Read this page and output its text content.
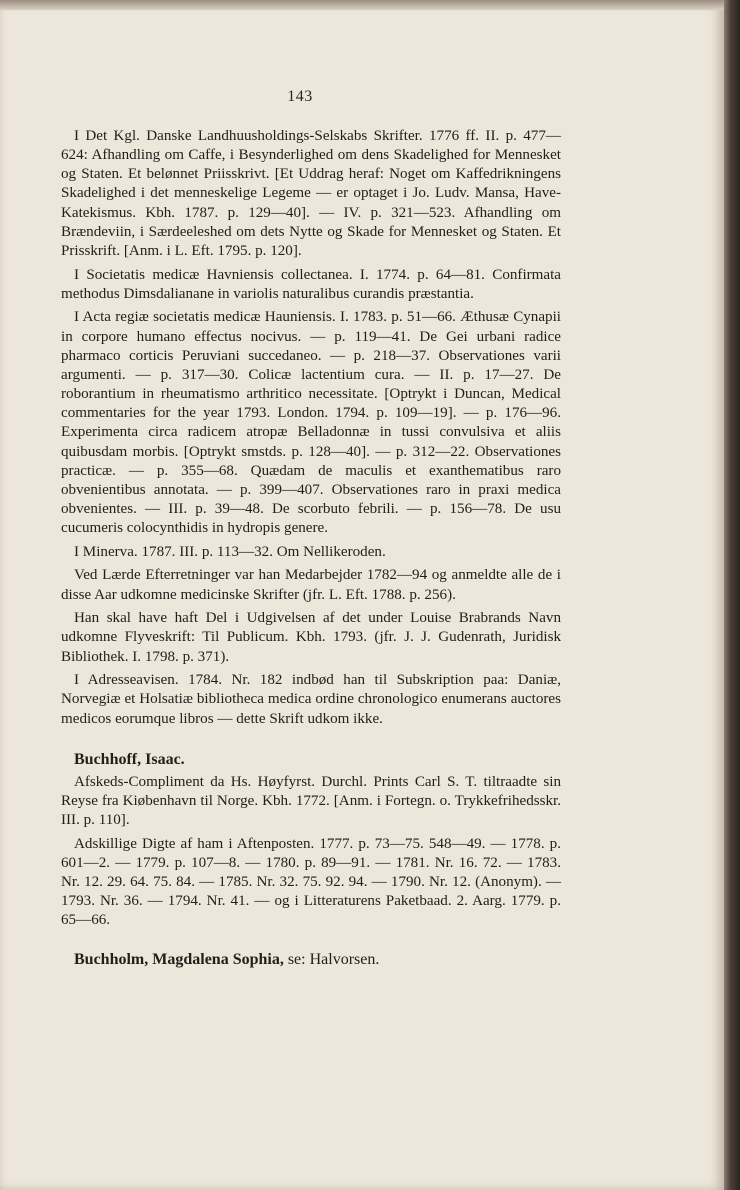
143

I Det Kgl. Danske Landhuusholdings-Selskabs Skrifter. 1776 ff. II. p. 477—624: Afhandling om Caffe, i Besynderlighed om dens Skadelighed for Mennesket og Staten. Et belønnet Priisskrivt. [Et Uddrag heraf: Noget om Kaffedrikningens Skadelighed i det menneskelige Legeme — er optaget i Jo. Ludv. Mansa, Have-Katekismus. Kbh. 1787. p. 129—40]. — IV. p. 321—523. Afhandling om Brændeviin, i Særdeeleshed om dets Nytte og Skade for Mennesket og Staten. Et Prisskrift. [Anm. i L. Eft. 1795. p. 120].

I Societatis medicæ Havniensis collectanea. I. 1774. p. 64—81. Confirmata methodus Dimsdalianane in variolis naturalibus curandis præstantia.

I Acta regiæ societatis medicæ Hauniensis. I. 1783. p. 51—66. Æthusæ Cynapii in corpore humano effectus nocivus. — p. 119—41. De Gei urbani radice pharmaco corticis Peruviani succedaneo. — p. 218—37. Observationes varii argumenti. — p. 317—30. Colicæ lactentium cura. — II. p. 17—27. De roborantium in rheumatismo arthritico necessitate. [Optrykt i Duncan, Medical commentaries for the year 1793. London. 1794. p. 109—19]. — p. 176—96. Experimenta circa radicem atropæ Belladonnæ in tussi convulsiva et aliis quibusdam morbis. [Optrykt smstds. p. 128—40]. — p. 312—22. Observationes practicæ. — p. 355—68. Quædam de maculis et exanthematibus raro obvenientibus annotata. — p. 399—407. Observationes raro in praxi medica obvenientes. — III. p. 39—48. De scorbuto febrili. — p. 156—78. De usu cucumeris colocynthidis in hydropis genere.

I Minerva. 1787. III. p. 113—32. Om Nellikeroden.

Ved Lærde Efterretninger var han Medarbejder 1782—94 og anmeldte alle de i disse Aar udkomne medicinske Skrifter (jfr. L. Eft. 1788. p. 256).

Han skal have haft Del i Udgivelsen af det under Louise Brabrands Navn udkomne Flyveskrift: Til Publicum. Kbh. 1793. (jfr. J. J. Gudenrath, Juridisk Bibliothek. I. 1798. p. 371).

I Adresseavisen. 1784. Nr. 182 indbød han til Subskription paa: Daniæ, Norvegiæ et Holsatiæ bibliotheca medica ordine chronologico enumerans auctores medicos eorumque libros — dette Skrift udkom ikke.

Buchhoff, Isaac.

Afskeds-Compliment da Hs. Høyfyrst. Durchl. Prints Carl S. T. tiltraadte sin Reyse fra Kiøbenhavn til Norge. Kbh. 1772. [Anm. i Fortegn. o. Trykkefrihedsskr. III. p. 110].

Adskillige Digte af ham i Aftenposten. 1777. p. 73—75. 548—49. — 1778. p. 601—2. — 1779. p. 107—8. — 1780. p. 89—91. — 1781. Nr. 16. 72. — 1783. Nr. 12. 29. 64. 75. 84. — 1785. Nr. 32. 75. 92. 94. — 1790. Nr. 12. (Anonym). — 1793. Nr. 36. — 1794. Nr. 41. — og i Litteraturens Paketbaad. 2. Aarg. 1779. p. 65—66.

Buchholm, Magdalena Sophia, se: Halvorsen.
